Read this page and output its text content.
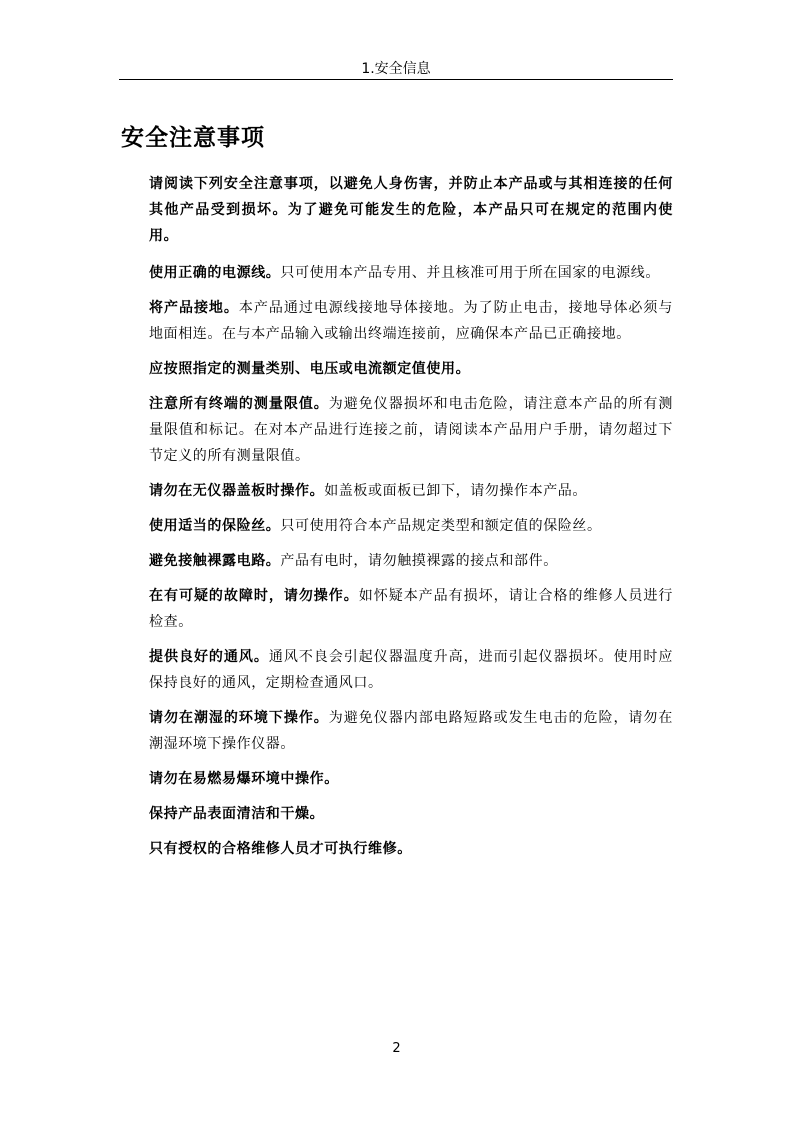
1.安全信息
安全注意事项

请阅读下列安全注意事项，以避免人身伤害，并防止本产品或与其相连接的任何其他产品受到损坏。为了避免可能发生的危险，本产品只可在规定的范围内使用。

使用正确的电源线。只可使用本产品专用、并且核准可用于所在国家的电源线。

将产品接地。本产品通过电源线接地导体接地。为了防止电击，接地导体必须与地面相连。在与本产品输入或输出终端连接前，应确保本产品已正确接地。

应按照指定的测量类别、电压或电流额定值使用。

注意所有终端的测量限值。为避免仪器损坏和电击危险，请注意本产品的所有测量限值和标记。在对本产品进行连接之前，请阅读本产品用户手册，请勿超过下节定义的所有测量限值。

请勿在无仪器盖板时操作。如盖板或面板已卸下，请勿操作本产品。

使用适当的保险丝。只可使用符合本产品规定类型和额定值的保险丝。

避免接触裸露电路。产品有电时，请勿触摸裸露的接点和部件。

在有可疑的故障时，请勿操作。如怀疑本产品有损坏，请让合格的维修人员进行检查。

提供良好的通风。通风不良会引起仪器温度升高，进而引起仪器损坏。使用时应保持良好的通风，定期检查通风口。

请勿在潮湿的环境下操作。为避免仪器内部电路短路或发生电击的危险，请勿在潮湿环境下操作仪器。

请勿在易燃易爆环境中操作。

保持产品表面清洁和干燥。

只有授权的合格维修人员才可执行维修。

2
